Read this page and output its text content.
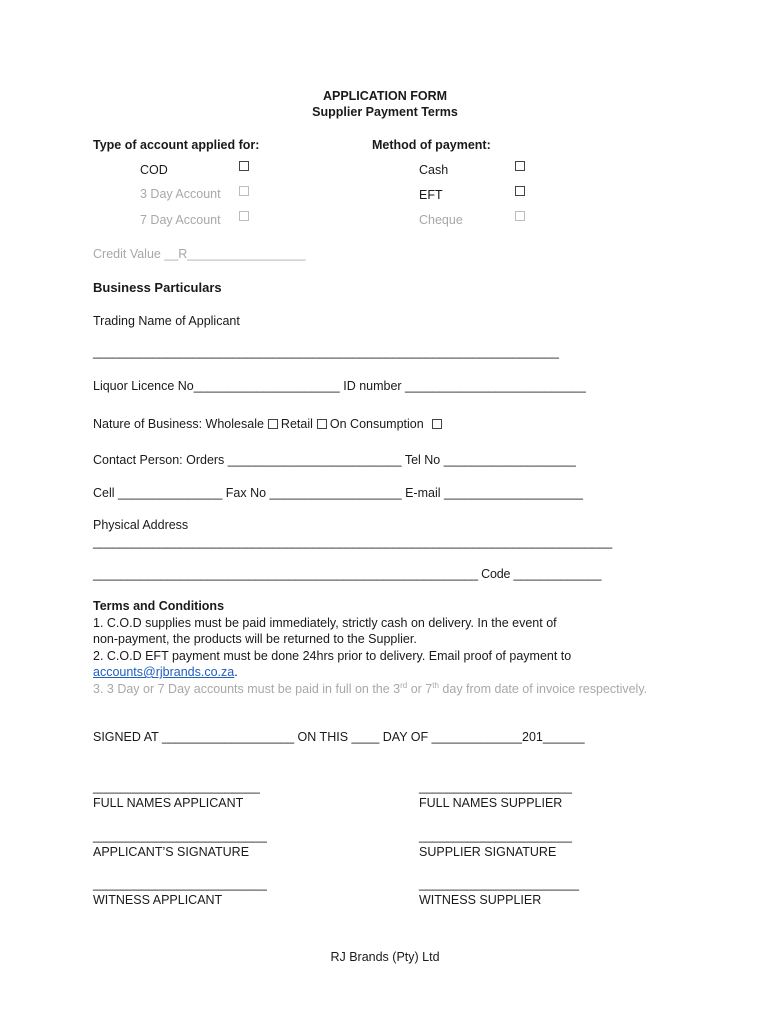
APPLICATION FORM
Supplier Payment Terms
Type of account applied for:
COD
3 Day Account
7 Day Account
Method of payment:
Cash
EFT
Cheque
Credit Value __R_________________
Business Particulars
Trading Name of Applicant
______________________________________________________________________
Liquor Licence No_____________________ ID number __________________________
Nature of Business: Wholesale Retail On Consumption
Contact Person: Orders _________________________ Tel No ___________________
Cell _______________ Fax No ___________________ E-mail ____________________
Physical Address
______________________________________________________________________________
_________________________________________________________ Code _____________
Terms and Conditions
1. C.O.D supplies must be paid immediately, strictly cash on delivery. In the event of
non-payment, the products will be returned to the Supplier.
2. C.O.D EFT payment must be done 24hrs prior to delivery. Email proof of payment to
accounts@rjbrands.co.za.
3. 3 Day or 7 Day accounts must be paid in full on the 3rd or 7th day from date of invoice respectively.
SIGNED AT ___________________ ON THIS ____ DAY OF _____________201______
________________________
FULL NAMES APPLICANT
______________________
FULL NAMES SUPPLIER
_________________________
APPLICANT’S SIGNATURE
______________________
SUPPLIER SIGNATURE
_________________________
WITNESS APPLICANT
_______________________
WITNESS SUPPLIER
RJ Brands (Pty) Ltd
